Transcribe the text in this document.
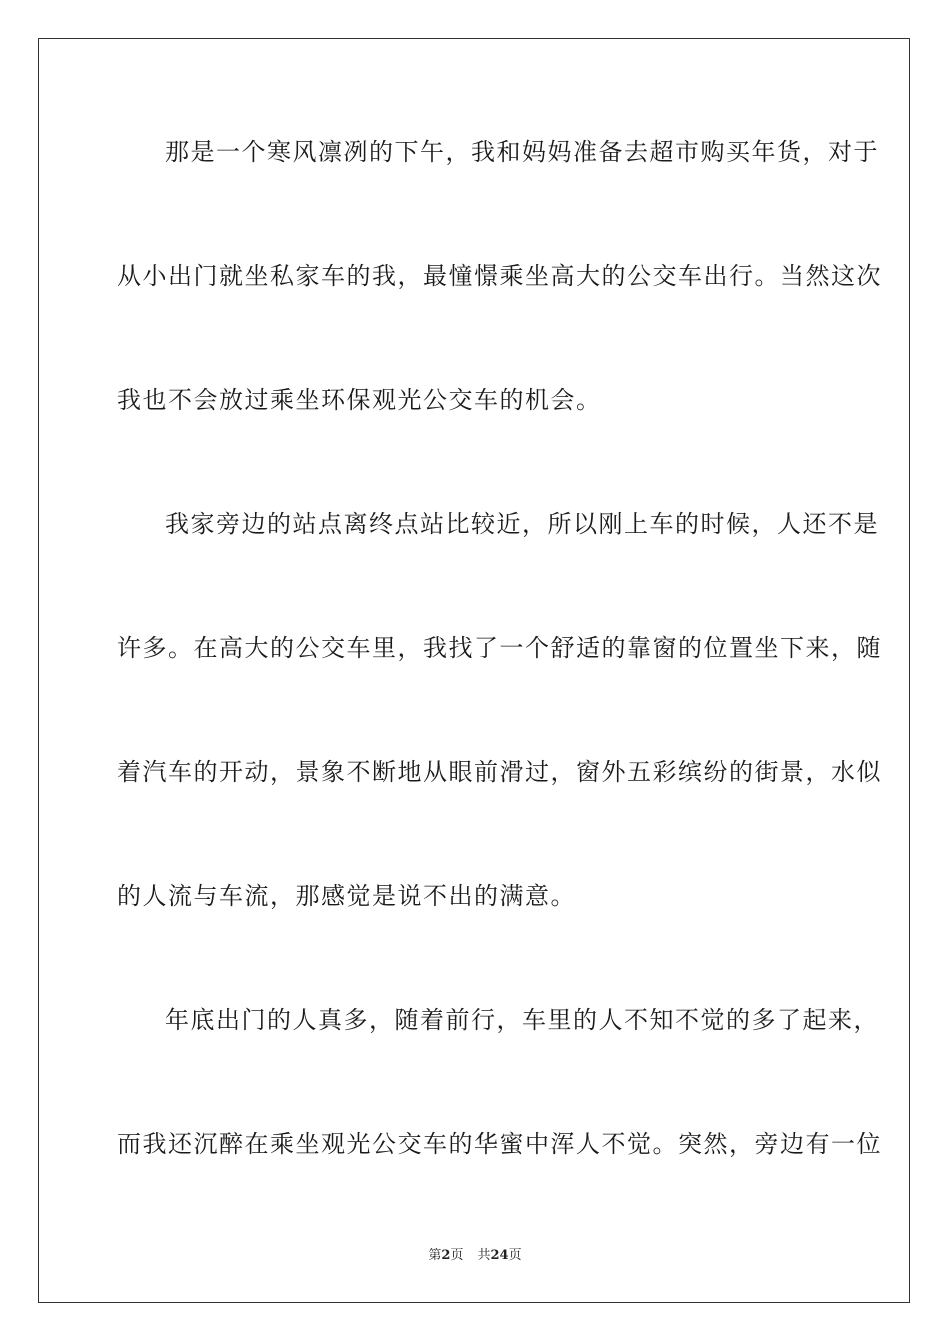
那是一个寒风凛冽的下午，我和妈妈准备去超市购买年货，对于
从小出门就坐私家车的我，最憧憬乘坐高大的公交车出行。当然这次
我也不会放过乘坐环保观光公交车的机会。
我家旁边的站点离终点站比较近，所以刚上车的时候，人还不是
许多。在高大的公交车里，我找了一个舒适的靠窗的位置坐下来，随
着汽车的开动，景象不断地从眼前滑过，窗外五彩缤纷的街景，水似
的人流与车流，那感觉是说不出的满意。
年底出门的人真多，随着前行，车里的人不知不觉的多了起来，
而我还沉醉在乘坐观光公交车的华蜜中浑人不觉。突然，旁边有一位
第2页 共24页
